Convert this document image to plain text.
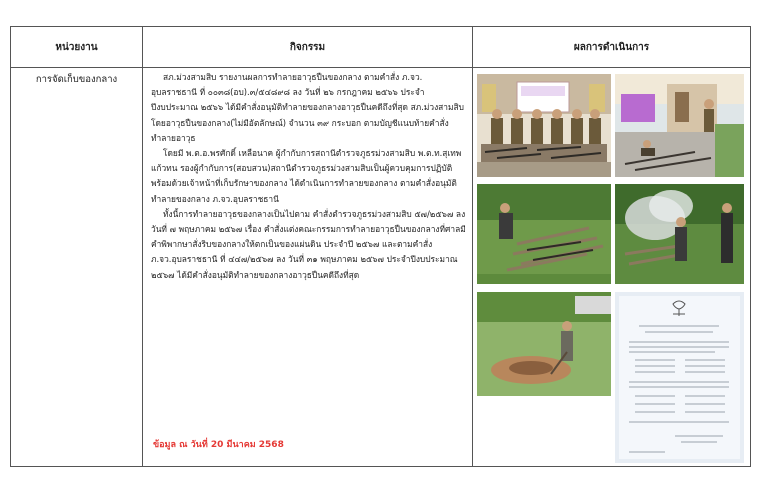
หน่วยงาน	กิจกรรม	ผลการดำเนินการ
การจัดเก็บของกลาง	สภ.ม่วงสามสิบ รายงานผลการทำลายอาวุธปืนของกลาง ตามคำสั่ง ภ.จว. อุบลราชธานี ที่ ๐๐๓๘(อบ).๓/๕๔๘๙๘ ลง วันที่ ๒๖ กรกฎาคม ๒๕๖๖ ประจำปีงบประมาณ ๒๕๖๖ ได้มีคำสั่งอนุมัติทำลายของกลางอาวุธปืนคดีถึงที่สุด สภ.ม่วงสามสิบ โดยอาวุธปืนของกลาง(ไม่มีอัตลักษณ์) จำนวน ๓๙ กระบอก ตามบัญชีแนบท้ายคำสั่งทำลายอาวุธ

โดยมี พ.ต.อ.พรศักดิ์ เหลือนาค ผู้กำกับการสถานีตำรวจภูธรม่วงสามสิบ พ.ต.ท.สุเทพ แก้วทน รองผู้กำกับการ(สอบสวน)สถานีตำรวจภูธรม่วงสามสิบเป็นผู้ควบคุมการปฏิบัติ พร้อมด้วยเจ้าหน้าที่เก็บรักษาของกลาง ได้ดำเนินการทำลายของกลาง ตามคำสั่งอนุมัติทำลายของกลาง ภ.จว.อุบลราชธานี

ทั้งนี้การทำลายอาวุธของกลางเป็นไปตาม คำสั่งตำรวจภูธรม่วงสามสิบ ๕๗/๒๕๖๗ ลงวันที่ ๗ พฤษภาคม ๒๕๖๗ เรื่อง คำสั่งแต่งคณะกรรมการทำลายอาวุธปืนของกลางที่ศาลมีคำพิพากษาสั่งริบของกลางให้ตกเป็นของแผ่นดิน ประจำปี ๒๕๖๗ และตามคำสั่ง ภ.จว.อุบลราชธานี ที่ ๔๔๗/๒๕๖๗ ลง วันที่ ๓๑ พฤษภาคม ๒๕๖๗ ประจำปีงบประมาณ ๒๕๖๗ ได้มีคำสั่งอนุมัติทำลายของกลางอาวุธปืนคดีถึงที่สุด

ข้อมูล ณ วันที่ 20 มีนาคม 2568
